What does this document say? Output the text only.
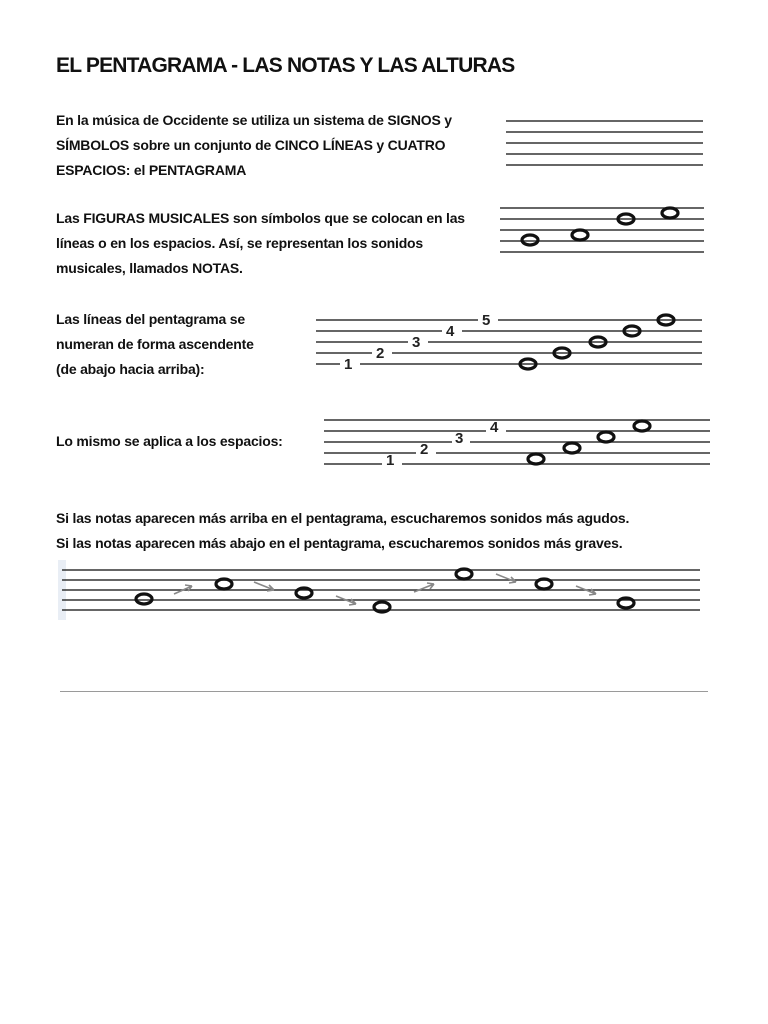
EL PENTAGRAMA - LAS NOTAS Y LAS ALTURAS
En la música de Occidente se utiliza un sistema de SIGNOS y
SÍMBOLOS sobre un conjunto de CINCO LÍNEAS y CUATRO
ESPACIOS: el PENTAGRAMA
Las FIGURAS MUSICALES son símbolos que se colocan en las
líneas o en los espacios. Así, se representan los sonidos
musicales, llamados NOTAS.
Las líneas del pentagrama se
numeran de forma ascendente
(de abajo hacia arriba):
Lo mismo se aplica a los espacios:
Si las notas aparecen más arriba en el pentagrama, escucharemos sonidos más agudos.
Si las notas aparecen más abajo en el pentagrama, escucharemos sonidos más graves.
1
2
3
4
5
1
2
3
4
